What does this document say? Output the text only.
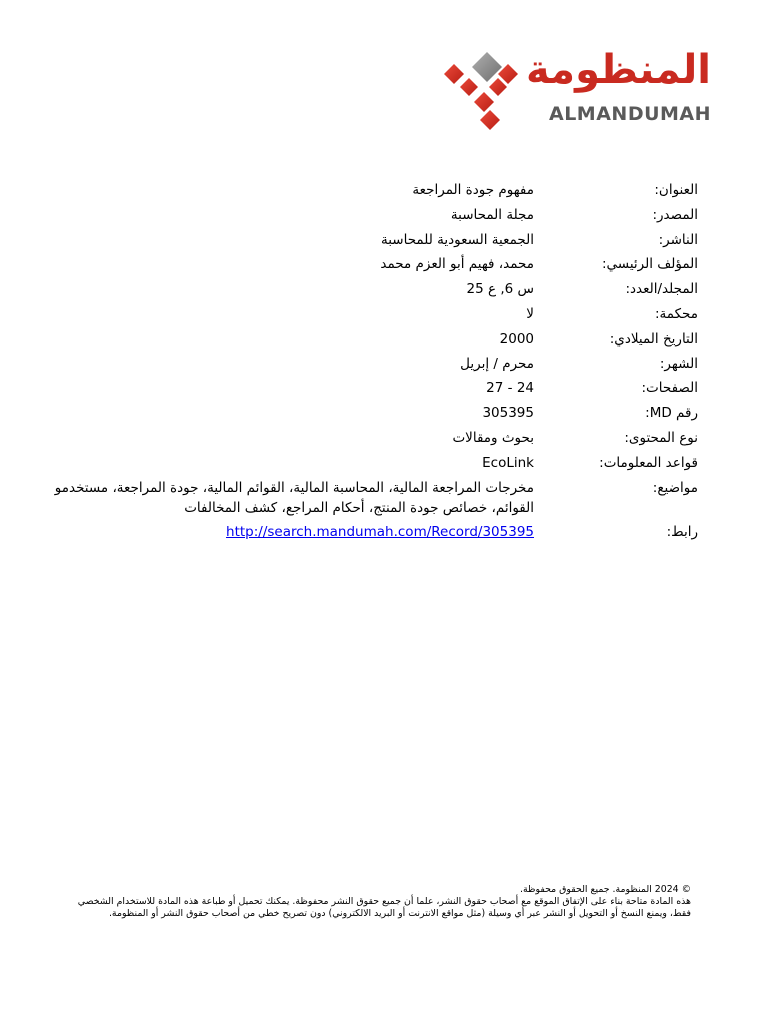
المنظومة
ALMANDUMAH
العنوان:
مفهوم جودة المراجعة
المصدر:
مجلة المحاسبة
الناشر:
الجمعية السعودية للمحاسبة
المؤلف الرئيسي:
محمد، فهيم أبو العزم محمد
المجلد/العدد:
س 6, ع 25
محكمة:
لا
التاريخ الميلادي:
2000
الشهر:
محرم / إبريل
الصفحات:
24 - 27
رقم MD:
305395
نوع المحتوى:
بحوث ومقالات
قواعد المعلومات:
EcoLink
مواضيع:
مخرجات المراجعة المالية، المحاسبة المالية، القوائم المالية، جودة المراجعة، مستخدمو القوائم، خصائص جودة المنتج، أحكام المراجع، كشف المخالفات
رابط:
http://search.mandumah.com/Record/305395
© 2024 المنظومة. جميع الحقوق محفوظة.
هذه المادة متاحة بناء على الإتفاق الموقع مع أصحاب حقوق النشر، علما أن جميع حقوق النشر محفوظة. يمكنك تحميل أو طباعة هذه المادة للاستخدام الشخصي فقط، ويمنع النسخ أو التحويل أو النشر عبر أي وسيلة (مثل مواقع الانترنت أو البريد الالكتروني) دون تصريح خطي من أصحاب حقوق النشر أو المنظومة.
